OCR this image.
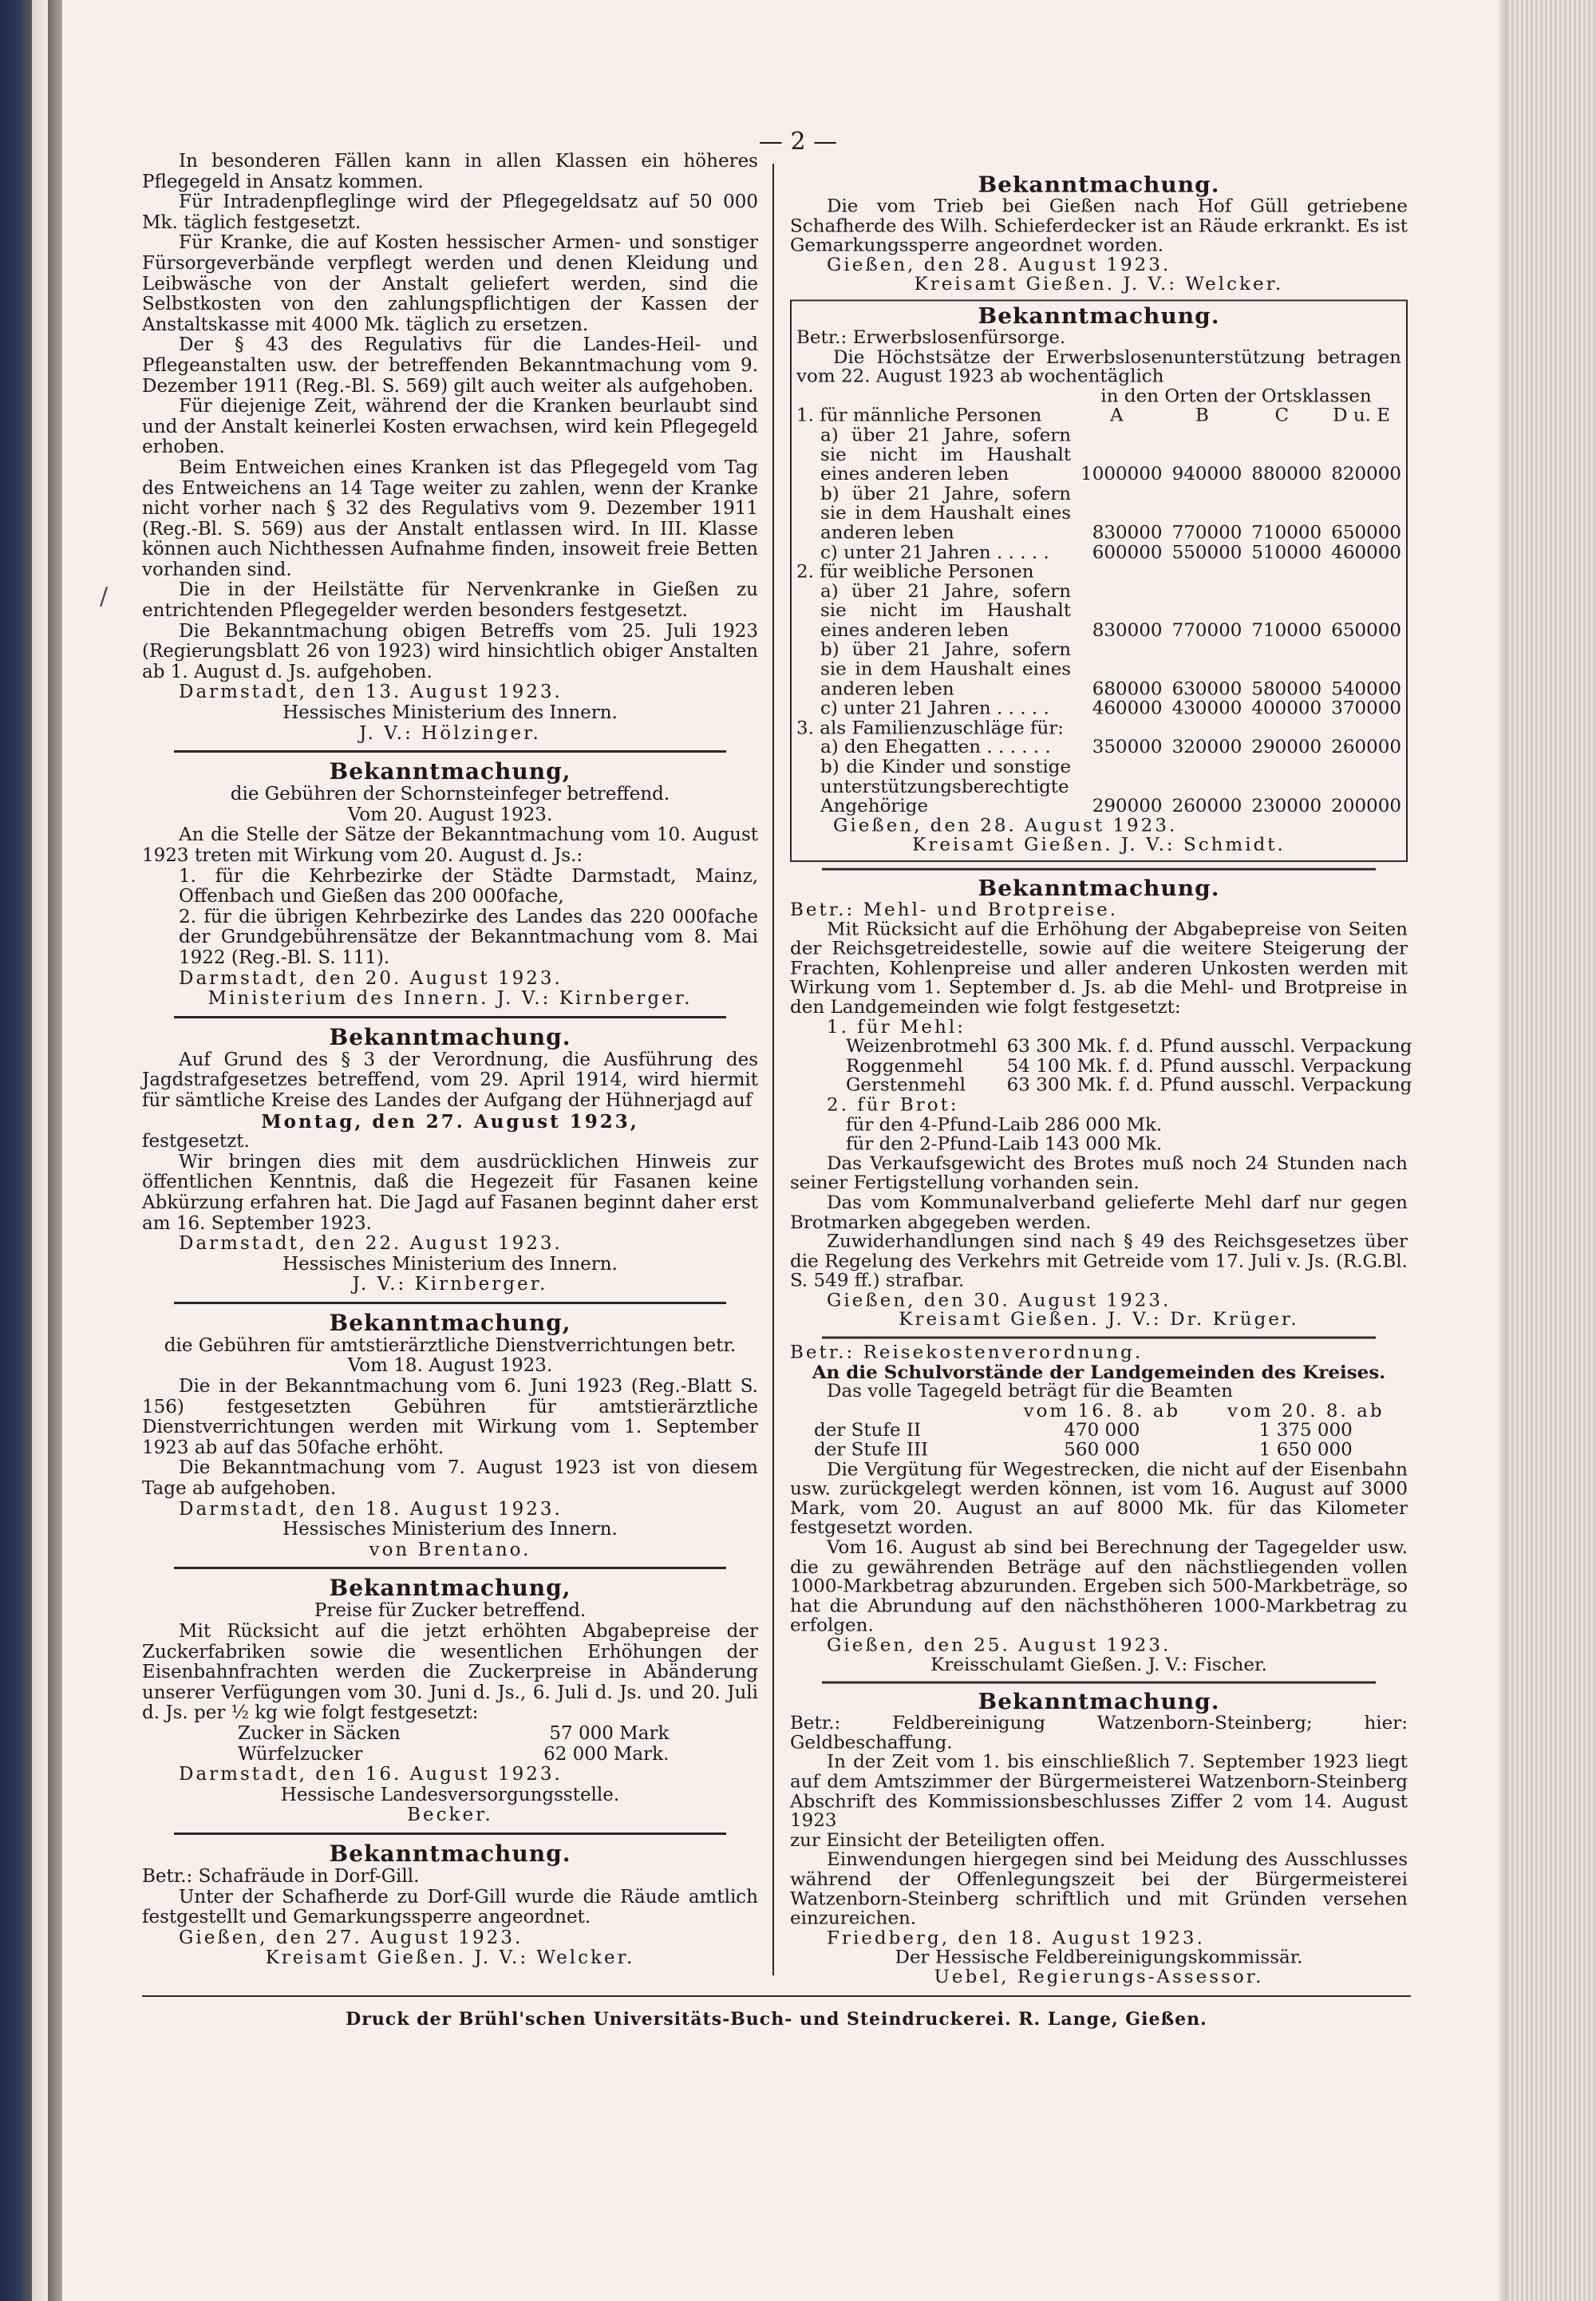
— 2 —
/

In besonderen Fällen kann in allen Klassen ein höheres Pflegegeld in Ansatz kommen.

Für Intradenpfleglinge wird der Pflegegeldsatz auf 50 000 Mk. täglich festgesetzt.

Für Kranke, die auf Kosten hessischer Armen- und sonstiger Fürsorgeverbände verpflegt werden und denen Kleidung und Leibwäsche von der Anstalt geliefert werden, sind die Selbstkosten von den zahlungspflichtigen der Kassen der Anstaltskasse mit 4000 Mk. täglich zu ersetzen.

Der § 43 des Regulativs für die Landes-Heil- und Pflegeanstalten usw. der betreffenden Bekanntmachung vom 9. Dezember 1911 (Reg.-Bl. S. 569) gilt auch weiter als aufgehoben.

Für diejenige Zeit, während der die Kranken beurlaubt sind und der Anstalt keinerlei Kosten erwachsen, wird kein Pflegegeld erhoben.

Beim Entweichen eines Kranken ist das Pflegegeld vom Tag des Entweichens an 14 Tage weiter zu zahlen, wenn der Kranke nicht vorher nach § 32 des Regulativs vom 9. Dezember 1911 (Reg.-Bl. S. 569) aus der Anstalt entlassen wird. In III. Klasse können auch Nichthessen Aufnahme finden, insoweit freie Betten vorhanden sind.

Die in der Heilstätte für Nervenkranke in Gießen zu entrichtenden Pflegegelder werden besonders festgesetzt.

Die Bekanntmachung obigen Betreffs vom 25. Juli 1923 (Regierungsblatt 26 von 1923) wird hinsichtlich obiger Anstalten ab 1. August d. Js. aufgehoben.

Darmstadt, den 13. August 1923.

Hessisches Ministerium des Innern.

J. V.: Hölzinger.

Bekanntmachung,

die Gebühren der Schornsteinfeger betreffend.

Vom 20. August 1923.

An die Stelle der Sätze der Bekanntmachung vom 10. August 1923 treten mit Wirkung vom 20. August d. Js.:

1. für die Kehrbezirke der Städte Darmstadt, Mainz, Offenbach und Gießen das 200 000fache,

2. für die übrigen Kehrbezirke des Landes das 220 000fache der Grundgebührensätze der Bekanntmachung vom 8. Mai 1922 (Reg.-Bl. S. 111).

Darmstadt, den 20. August 1923.

Ministerium des Innern. J. V.: Kirnberger.

Bekanntmachung.

Auf Grund des § 3 der Verordnung, die Ausführung des Jagdstrafgesetzes betreffend, vom 29. April 1914, wird hiermit für sämtliche Kreise des Landes der Aufgang der Hühnerjagd auf

Montag, den 27. August 1923,

festgesetzt.

Wir bringen dies mit dem ausdrücklichen Hinweis zur öffentlichen Kenntnis, daß die Hegezeit für Fasanen keine Abkürzung erfahren hat. Die Jagd auf Fasanen beginnt daher erst am 16. September 1923.

Darmstadt, den 22. August 1923.

Hessisches Ministerium des Innern.

J. V.: Kirnberger.

Bekanntmachung,

die Gebühren für amtstierärztliche Dienstverrichtungen betr.

Vom 18. August 1923.

Die in der Bekanntmachung vom 6. Juni 1923 (Reg.-Blatt S. 156) festgesetzten Gebühren für amtstierärztliche Dienstverrichtungen werden mit Wirkung vom 1. September 1923 ab auf das 50fache erhöht.

Die Bekanntmachung vom 7. August 1923 ist von diesem Tage ab aufgehoben.

Darmstadt, den 18. August 1923.

Hessisches Ministerium des Innern.

von Brentano.

Bekanntmachung,

Preise für Zucker betreffend.

Mit Rücksicht auf die jetzt erhöhten Abgabepreise der Zuckerfabriken sowie die wesentlichen Erhöhungen der Eisenbahnfrachten werden die Zuckerpreise in Abänderung unserer Verfügungen vom 30. Juni d. Js., 6. Juli d. Js. und 20. Juli d. Js. per ½ kg wie folgt festgesetzt:

Zucker in Säcken	57 000 Mark
Würfelzucker	62 000 Mark.

Darmstadt, den 16. August 1923.

Hessische Landesversorgungsstelle.

Becker.

Bekanntmachung.

Betr.: Schafräude in Dorf-Gill.

Unter der Schafherde zu Dorf-Gill wurde die Räude amtlich festgestellt und Gemarkungssperre angeordnet.

Gießen, den 27. August 1923.

Kreisamt Gießen. J. V.: Welcker.

Bekanntmachung.

Die vom Trieb bei Gießen nach Hof Güll getriebene Schafherde des Wilh. Schieferdecker ist an Räude erkrankt. Es ist Gemarkungssperre angeordnet worden.

Gießen, den 28. August 1923.

Kreisamt Gießen. J. V.: Welcker.

Bekanntmachung.

Betr.: Erwerbslosenfürsorge.

Die Höchstsätze der Erwerbslosenunterstützung betragen vom 22. August 1923 ab wochentäglich

	in den Orten der Ortsklassen			
1. für männliche Personen	A	B	C	D u. E
a) über 21 Jahre, sofern sie nicht im Haushalt eines anderen leben	1000000	940000	880000	820000
b) über 21 Jahre, sofern sie in dem Haushalt eines anderen leben	830000	770000	710000	650000
c) unter 21 Jahren . . . . .	600000	550000	510000	460000
2. für weibliche Personen				
a) über 21 Jahre, sofern sie nicht im Haushalt eines anderen leben	830000	770000	710000	650000
b) über 21 Jahre, sofern sie in dem Haushalt eines anderen leben	680000	630000	580000	540000
c) unter 21 Jahren . . . . .	460000	430000	400000	370000
3. als Familienzuschläge für:				
a) den Ehegatten . . . . . .	350000	320000	290000	260000
b) die Kinder und sonstige unterstützungsberechtigte Angehörige	290000	260000	230000	200000

Gießen, den 28. August 1923.

Kreisamt Gießen. J. V.: Schmidt.

Bekanntmachung.

Betr.: Mehl- und Brotpreise.

Mit Rücksicht auf die Erhöhung der Abgabepreise von Seiten der Reichsgetreidestelle, sowie auf die weitere Steigerung der Frachten, Kohlenpreise und aller anderen Unkosten werden mit Wirkung vom 1. September d. Js. ab die Mehl- und Brotpreise in den Landgemeinden wie folgt festgesetzt:

1. für Mehl:

Weizenbrotmehl	63 300 Mk. f. d. Pfund ausschl. Verpackung
Roggenmehl	54 100 Mk. f. d. Pfund ausschl. Verpackung
Gerstenmehl	63 300 Mk. f. d. Pfund ausschl. Verpackung

2. für Brot:

für den 4-Pfund-Laib 286 000 Mk.

für den 2-Pfund-Laib 143 000 Mk.

Das Verkaufsgewicht des Brotes muß noch 24 Stunden nach seiner Fertigstellung vorhanden sein.

Das vom Kommunalverband gelieferte Mehl darf nur gegen Brotmarken abgegeben werden.

Zuwiderhandlungen sind nach § 49 des Reichsgesetzes über die Regelung des Verkehrs mit Getreide vom 17. Juli v. Js. (R.G.Bl. S. 549 ff.) strafbar.

Gießen, den 30. August 1923.

Kreisamt Gießen. J. V.: Dr. Krüger.

Betr.: Reisekostenverordnung.

An die Schulvorstände der Landgemeinden des Kreises.

Das volle Tagegeld beträgt für die Beamten

	vom 16. 8. ab	vom 20. 8. ab
der Stufe II	470 000	1 375 000
der Stufe III	560 000	1 650 000

Die Vergütung für Wegestrecken, die nicht auf der Eisenbahn usw. zurückgelegt werden können, ist vom 16. August auf 3000 Mark, vom 20. August an auf 8000 Mk. für das Kilometer festgesetzt worden.

Vom 16. August ab sind bei Berechnung der Tagegelder usw. die zu gewährenden Beträge auf den nächstliegenden vollen 1000-Markbetrag abzurunden. Ergeben sich 500-Markbeträge, so hat die Abrundung auf den nächsthöheren 1000-Markbetrag zu erfolgen.

Gießen, den 25. August 1923.

Kreisschulamt Gießen. J. V.: Fischer.

Bekanntmachung.

Betr.: Feldbereinigung Watzenborn-Steinberg; hier: Geldbeschaffung.

In der Zeit vom 1. bis einschließlich 7. September 1923 liegt auf dem Amtszimmer der Bürgermeisterei Watzenborn-Steinberg Abschrift des Kommissionsbeschlusses Ziffer 2 vom 14. August 1923

zur Einsicht der Beteiligten offen.

Einwendungen hiergegen sind bei Meidung des Ausschlusses während der Offenlegungszeit bei der Bürgermeisterei Watzenborn-Steinberg schriftlich und mit Gründen versehen einzureichen.

Friedberg, den 18. August 1923.

Der Hessische Feldbereinigungskommissär.

Uebel, Regierungs-Assessor.

Druck der Brühl'schen Universitäts-Buch- und Steindruckerei. R. Lange, Gießen.
